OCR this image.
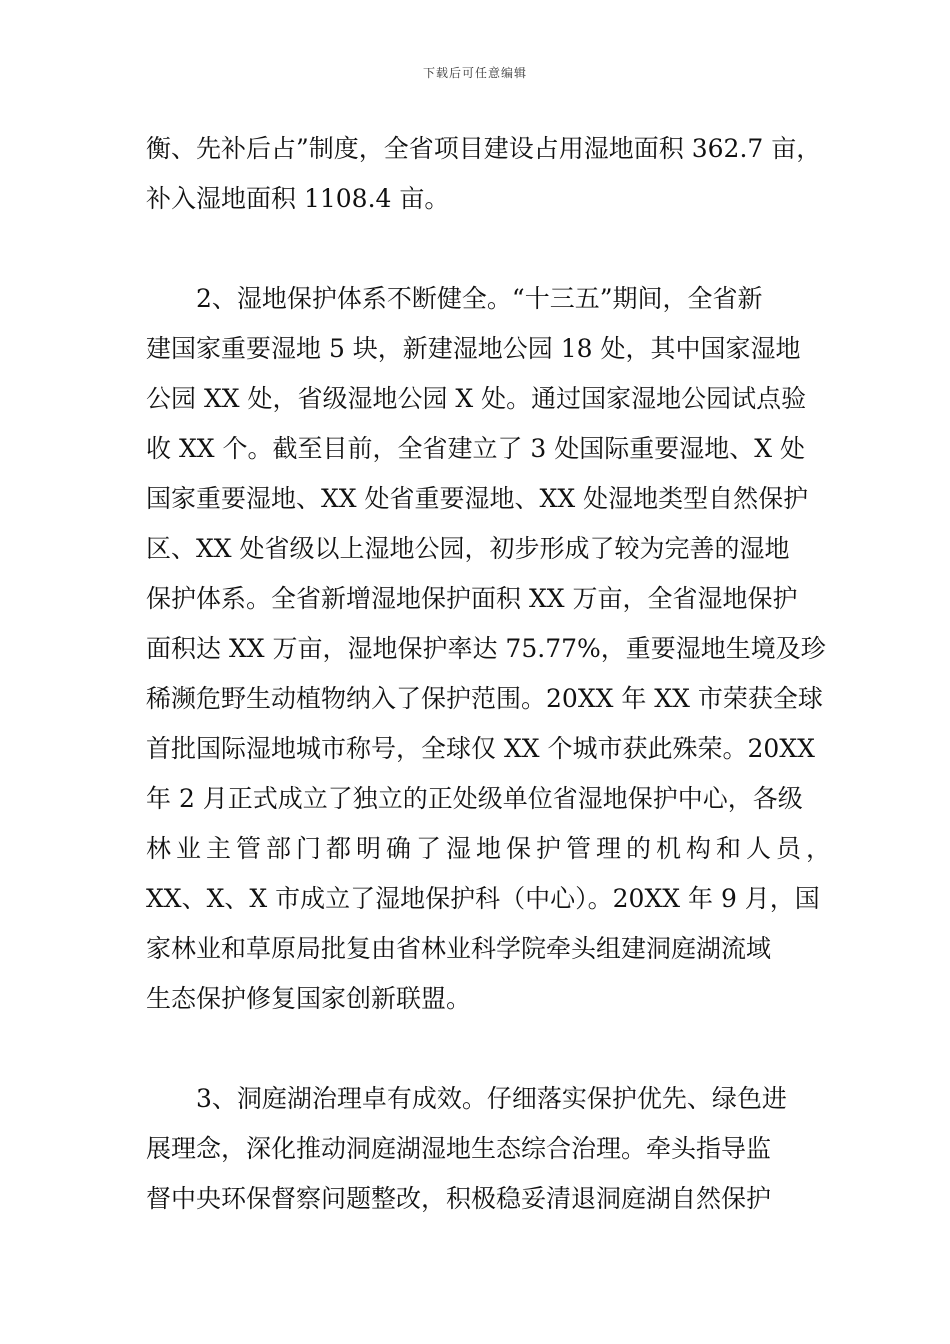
下载后可任意编辑
衡、先补后占”制度，全省项目建设占用湿地面积 362.7 亩，
补入湿地面积 1108.4 亩。
2、湿地保护体系不断健全。“十三五”期间，全省新
建国家重要湿地 5 块，新建湿地公园 18 处，其中国家湿地
公园 XX 处，省级湿地公园 X 处。通过国家湿地公园试点验
收 XX 个。截至目前，全省建立了 3 处国际重要湿地、X 处
国家重要湿地、XX 处省重要湿地、XX 处湿地类型自然保护
区、XX 处省级以上湿地公园，初步形成了较为完善的湿地
保护体系。全省新增湿地保护面积 XX 万亩，全省湿地保护
面积达 XX 万亩，湿地保护率达 75.77%，重要湿地生境及珍
稀濒危野生动植物纳入了保护范围。20XX 年 XX 市荣获全球
首批国际湿地城市称号，全球仅 XX 个城市获此殊荣。20XX
年 2 月正式成立了独立的正处级单位省湿地保护中心，各级
林业主管部门都明确了湿地保护管理的机构和人员，
XX、X、X 市成立了湿地保护科（中心）。20XX 年 9 月，国
家林业和草原局批复由省林业科学院牵头组建洞庭湖流域
生态保护修复国家创新联盟。
3、洞庭湖治理卓有成效。仔细落实保护优先、绿色进
展理念，深化推动洞庭湖湿地生态综合治理。牵头指导监
督中央环保督察问题整改，积极稳妥清退洞庭湖自然保护
